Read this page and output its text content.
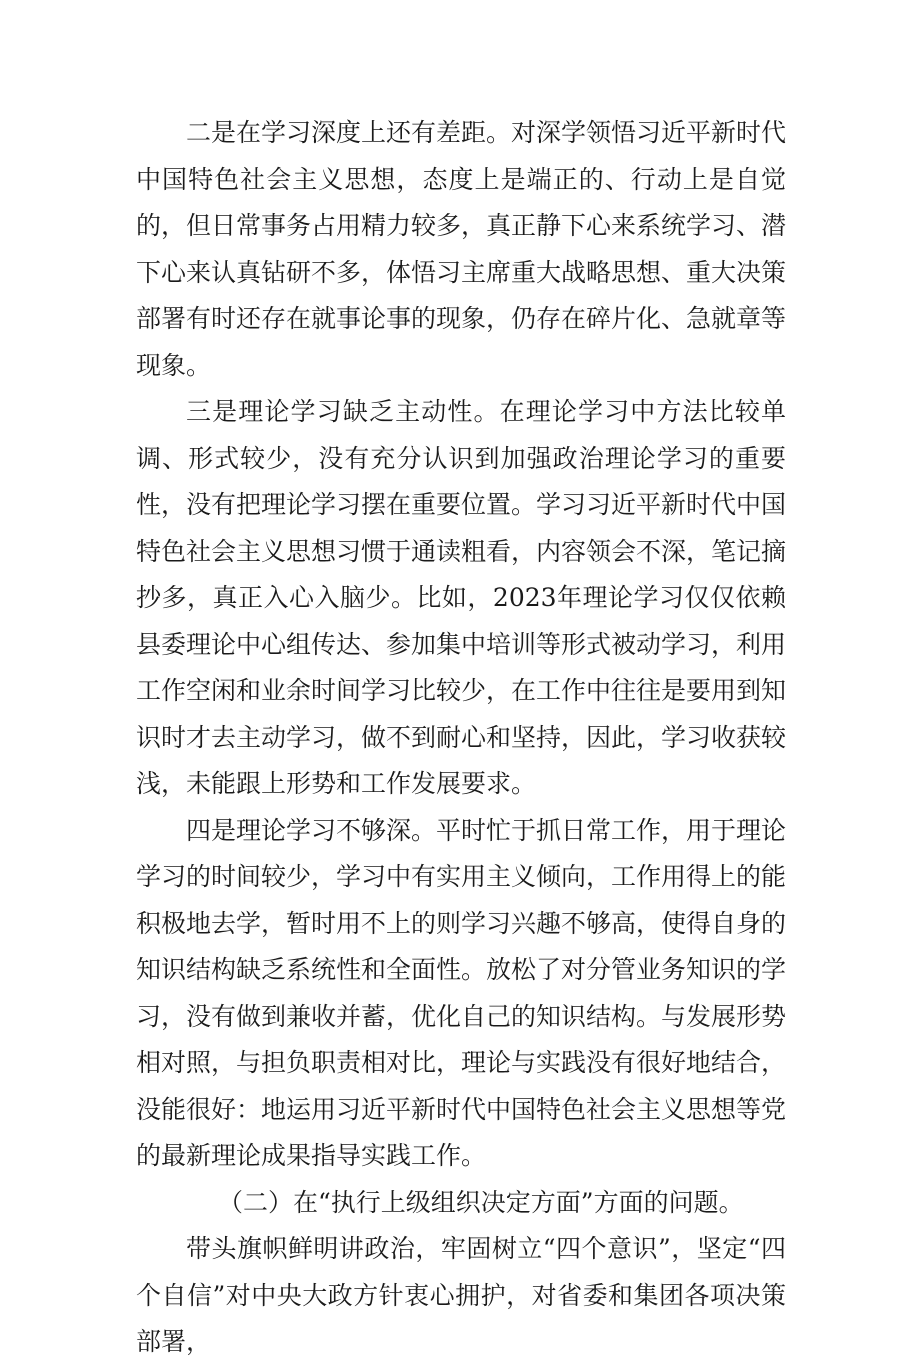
二是在学习深度上还有差距。对深学领悟习近平新时代中国特色社会主义思想，态度上是端正的、行动上是自觉的，但日常事务占用精力较多，真正静下心来系统学习、潜下心来认真钻研不多，体悟习主席重大战略思想、重大决策部署有时还存在就事论事的现象，仍存在碎片化、急就章等现象。

三是理论学习缺乏主动性。在理论学习中方法比较单调、形式较少，没有充分认识到加强政治理论学习的重要性，没有把理论学习摆在重要位置。学习习近平新时代中国特色社会主义思想习惯于通读粗看，内容领会不深，笔记摘抄多，真正入心入脑少。比如，2023年理论学习仅仅依赖县委理论中心组传达、参加集中培训等形式被动学习，利用工作空闲和业余时间学习比较少，在工作中往往是要用到知识时才去主动学习，做不到耐心和坚持，因此，学习收获较浅，未能跟上形势和工作发展要求。

四是理论学习不够深。平时忙于抓日常工作，用于理论学习的时间较少，学习中有实用主义倾向，工作用得上的能积极地去学，暂时用不上的则学习兴趣不够高，使得自身的知识结构缺乏系统性和全面性。放松了对分管业务知识的学习，没有做到兼收并蓄，优化自己的知识结构。与发展形势相对照，与担负职责相对比，理论与实践没有很好地结合，没能很好：地运用习近平新时代中国特色社会主义思想等党的最新理论成果指导实践工作。

（二）在“执行上级组织决定方面”方面的问题。

带头旗帜鲜明讲政治，牢固树立“四个意识”，坚定“四个自信”对中央大政方针衷心拥护，对省委和集团各项决策部署，
